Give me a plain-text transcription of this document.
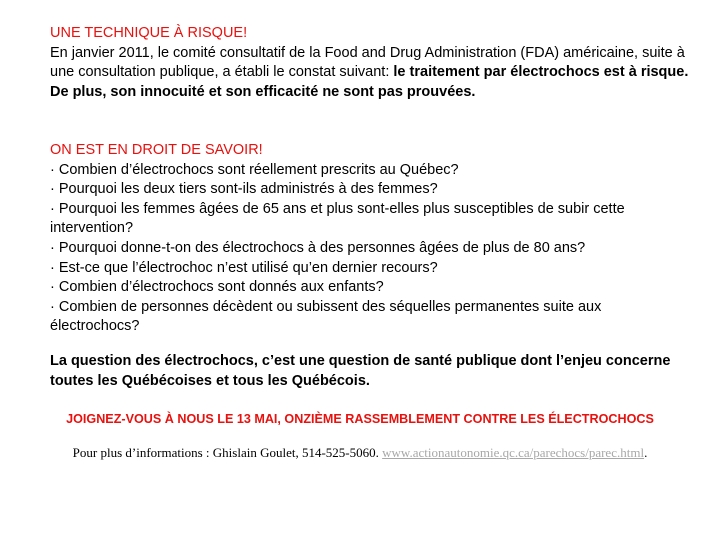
UNE TECHNIQUE À RISQUE!

En janvier 2011, le comité consultatif de la Food and Drug Administration (FDA) américaine, suite à une consultation publique, a établi le constat suivant: le traitement par électrochocs est à risque. De plus, son innocuité et son efficacité ne sont pas prouvées.

ON EST EN DROIT DE SAVOIR!
· Combien d’électrochocs sont réellement prescrits au Québec?
· Pourquoi les deux tiers sont-ils administrés à des femmes?
· Pourquoi les femmes âgées de 65 ans et plus sont-elles plus susceptibles de subir cette intervention?
· Pourquoi donne-t-on des électrochocs à des personnes âgées de plus de 80 ans?
· Est-ce que l’électrochoc n’est utilisé qu’en dernier recours?
· Combien d’électrochocs sont donnés aux enfants?
· Combien de personnes décèdent ou subissent des séquelles permanentes suite aux électrochocs?
La question des électrochocs, c’est une question de santé publique dont l’enjeu concerne toutes les Québécoises et tous les Québécois.
JOIGNEZ-VOUS À NOUS LE 13 MAI, ONZIÈME RASSEMBLEMENT CONTRE LES ÉLECTROCHOCS
Pour plus d’informations : Ghislain Goulet, 514-525-5060. www.actionautonomie.qc.ca/parechocs/parec.html.
